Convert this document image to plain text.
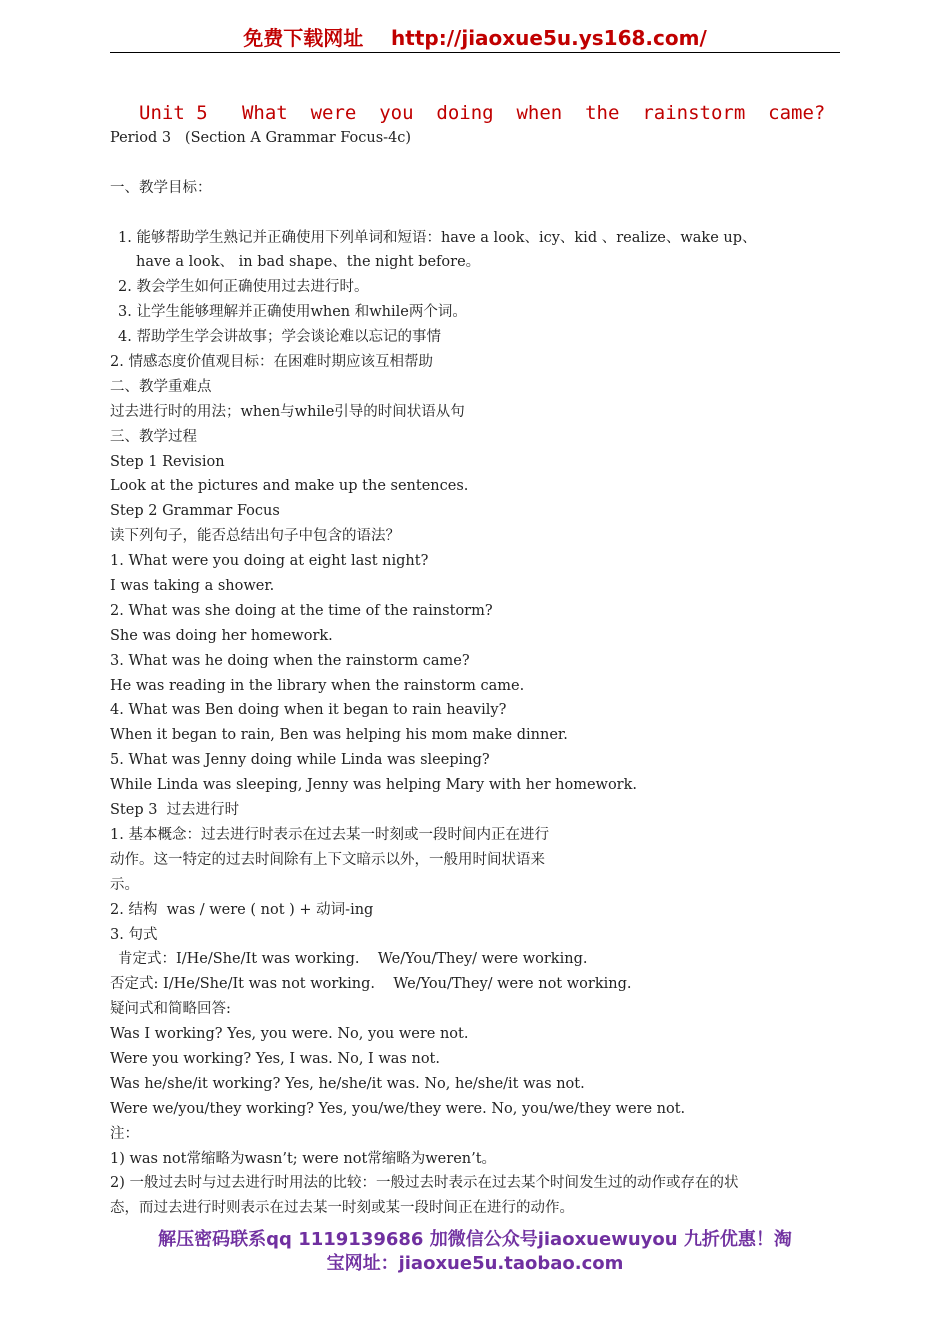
免费下载网址    http://jiaoxue5u.ys168.com/
Unit 5   What  were  you  doing  when  the  rainstorm  came?
Period 3   (Section A Grammar Focus-4c)
一、教学目标：
1. 能够帮助学生熟记并正确使用下列单词和短语：have a look、icy、kid 、realize、wake up、
have a look、 in bad shape、the night before。
2. 教会学生如何正确使用过去进行时。
3. 让学生能够理解并正确使用when 和while两个词。
4. 帮助学生学会讲故事；学会谈论难以忘记的事情
2. 情感态度价值观目标：在困难时期应该互相帮助
二、教学重难点
过去进行时的用法；when与while引导的时间状语从句
三、教学过程
Step 1 Revision
Look at the pictures and make up the sentences.
Step 2 Grammar Focus
读下列句子，能否总结出句子中包含的语法？
1. What were you doing at eight last night?
I was taking a shower.
2. What was she doing at the time of the rainstorm?
She was doing her homework.
3. What was he doing when the rainstorm came?
He was reading in the library when the rainstorm came.
4. What was Ben doing when it began to rain heavily?
When it began to rain, Ben was helping his mom make dinner.
5. What was Jenny doing while Linda was sleeping?
While Linda was sleeping, Jenny was helping Mary with her homework.
Step 3  过去进行时
1. 基本概念：过去进行时表示在过去某一时刻或一段时间内正在进行
动作。这一特定的过去时间除有上下文暗示以外，一般用时间状语来
示。
2. 结构  was / were ( not ) + 动词-ing
3. 句式
肯定式：I/He/She/It was working.    We/You/They/ were working.
否定式: I/He/She/It was not working.    We/You/They/ were not working.
疑问式和简略回答:
Was I working? Yes, you were. No, you were not.
Were you working? Yes, I was. No, I was not.
Was he/she/it working? Yes, he/she/it was. No, he/she/it was not.
Were we/you/they working? Yes, you/we/they were. No, you/we/they were not.
注：
1) was not常缩略为wasn’t; were not常缩略为weren’t。
2) 一般过去时与过去进行时用法的比较：一般过去时表示在过去某个时间发生过的动作或存在的状
态，而过去进行时则表示在过去某一时刻或某一段时间正在进行的动作。
解压密码联系qq 1119139686 加微信公众号jiaoxuewuyou 九折优惠！淘
宝网址：jiaoxue5u.taobao.com
